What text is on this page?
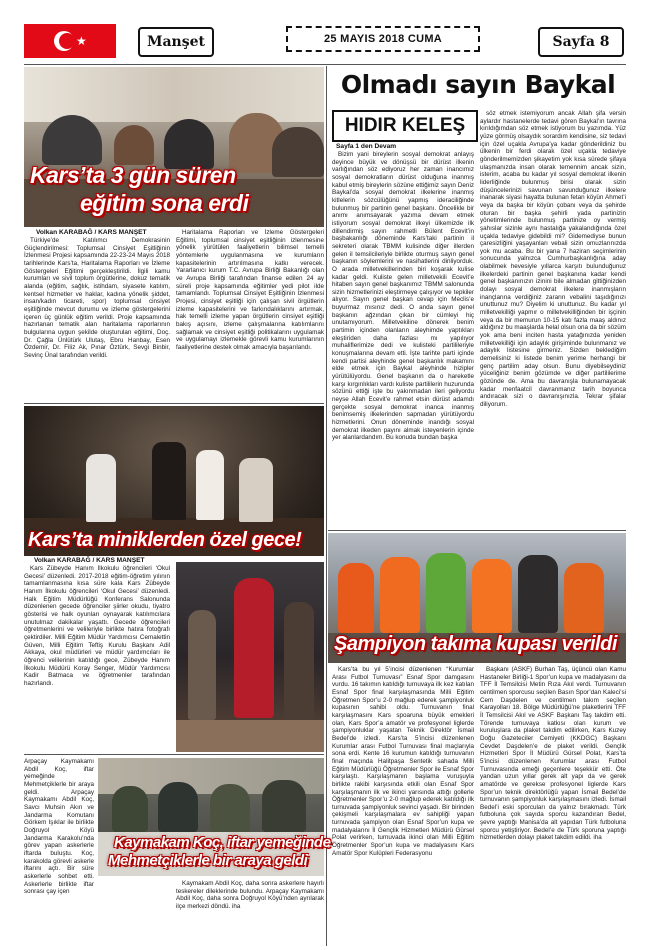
★	Manşet	25 MAYIS 2018 CUMA	Sayfa 8
Kars’ta 3 gün süren
eğitim sona erdi
Volkan KARABAĞ / KARS MANŞET

Türkiye’de Katılımcı Demokrasinin Güçlendirilmesi: Toplumsal Cinsiyet Eşitliğinin İzlenmesi Projesi kapsamında 22-23-24 Mayıs 2018 tarihlerinde Kars’ta, Haritalama Raporları ve İzleme Göstergeleri Eğitimi gerçekleştirildi. İlgili kamu kurumları ve sivil toplum örgütlerine, dokuz tematik alanda (eğitim, sağlık, istihdam, siyasete katılım, kentsel hizmetler ve haklar, kadına yönelik şiddet, insan/kadın ticareti, spor) toplumsal cinsiyet eşitliğinde mevcut durumu ve izleme göstergelerini içeren üç günlük eğitim verildi. Proje kapsamında hazırlanan tematik alan haritalama raporlarının bulgularına uygun şekilde oluşturulan eğitimi, Doç. Dr. Çağla Ünlütürk Ulutaş, Ebru Hanbay, Esen Özdemir, Dr. Filiz Ak, Pınar Öztürk, Sevgi Binbir, Sevinç Ünal tarafından verildi.

Haritalama Raporları ve İzleme Göstergeleri Eğitimi, toplumsal cinsiyet eşitliğinin izlenmesine yönelik yürütülen faaliyetlerin bilimsel temelli yöntemlerle uygulanmasına ve kurumların kapasitelerinin artırılmasına katkı verecek. Yararlanıcı kurum T.C. Avrupa Birliği Bakanlığı olan ve Avrupa Birliği tarafından finanse edilen 24 ay süreli proje kapsamında eğitimler yedi pilot ilde tamamlandı. Toplumsal Cinsiyet Eşitliğinin İzlenmesi Projesi, cinsiyet eşitliği için çalışan sivil örgütlerin izleme kapasitelerini ve farkındalıklarını artırmak, hak temelli izleme yapan örgütlerin cinsiyet eşitliği bakış açısını, izleme çalışmalarına katılımlarını sağlamak ve cinsiyet eşitliği politikalarını uygulamak ve uygulamayı izlemekle görevli kamu kurumlarının faaliyetlerine destek olmak amacıyla başarılandı.

Kars’ta miniklerden özel gece!
Volkan KARABAĞ / KARS MANŞET

Kars Zübeyde Hanım İlkokulu öğrencileri ‘Okul Gecesi’ düzenledi. 2017-2018 eğitim-öğretim yılının tamamlanmasına kısa süre kala Kars Zübeyde Hanım İlkokulu öğrencileri ‘Okul Gecesi’ düzenledi. Halk Eğitim Müdürlüğü Konferans Salonunda düzenlenen gecede öğrenciler şiirler okudu, tiyatro gösterisi ve halk oyunları oynayarak katılımcılara unutulmaz dakikalar yaşattı. Gecede öğrencileri öğretmenlerini ve velileriyle birlikte hatıra fotoğrafı çektirdiler. Milli Eğitim Müdür Yardımcısı Cemalettin Güven, Milli Eğitim Teftiş Kurulu Başkanı Adil Akkaya, okul müdürleri ve müdür yardımcıları ile öğrenci velilerinin katıldığı gece, Zübeyde Hanım İlkokulu Müdürü Koray Senger, Müdür Yardımcısı Kadir Batmaca ve öğretmenler tarafından hazırlandı.

Arpaçay Kaymakamı Abdil Koç, iftar yemeğinde Mehmetçiklerle bir araya geldi. Arpaçay Kaymakamı Abdil Koç, Savcı Muhsin Akın ve Jandarma Komutanı Görkem Işıklar ile birlikte Doğruyol Köyü Jandarma Karakolu’nda görev yapan askerlerle iftarda buluştu. Koç, karakolda görevli askerle iftarını açtı. Bir süre askerlerle sohbet etti. Askerlerle birlikte iftar sonrası çay içen

Kaymakam Koç, iftar yemeğinde
Mehmetçiklerle bir araya geldi

Kaymakam Abdil Koç, daha sonra askerlere hayırlı teskereler dileklerinde bulundu. Arpaçay Kaymakamı Abdil Koç, daha sonra Doğruyol Köyü’nden ayrılarak ilçe merkezi döndü. iha

Olmadı sayın Baykal
HIDIR KELEŞ
Sayfa 1 den Devam

Bizim yani bireylerin sosyal demokrat anlayış deyince büyük ve dönüşsü bir dürüst ilkenin varlığından söz ediyoruz her zaman inancımız sosyal demokratların dürüst olduğuna inanmış kabul etmiş bireylerin sözüne ettiğimiz sayın Deniz Baykal’da sosyal demokrat ilkelerine inanmış kitlelerin sözcülüğünü yapmış ideraciliğinde bulunmuş bir partinin genel başkanı. Öncelikle bir anımı anımsayarak yazıma devam etmek istiyorum sosyal demokrat ilkeyi ülkemizde ilk dillendirmiş sayın rahmetli Bülent Ecevit’in başbakanlığı döneminde Kars’taki partinin il sekreteri olarak TBMM kulisinde diğer illerden gelen il temsilcileriyle birlikte oturmuş sayın genel başkanın söylemlerini ve nasihatlerini dinliyorduk. O arada milletvekillerinden biri koşarak kulise kadar geldi. Kuliste gelen milletvekili Ecevit’e hitaben sayın genel başkanımız TBMM salonunda sizin hizmetlerinizi eleştirmeye çalışıyor ve tepkiler alıyor. Sayın genel başkan cevap için Meclis’e buyurmaz mısınız dedi. O anda sayın genel başkanın ağzından çıkan bir cümleyi hiç unutamıyorum. Milletvekiline dönerek benim partimin içinden olanların aleyhimde yaptıkları eleştiriden daha fazlası mı yapılıyor muhaliflerimize dedi ve kulisteki partilileriyle konuşmalarına devam etti. İşte tarihte parti içinde kendi partisi aleyhinde genel başkanlık makamını elde etmek için Baykal aleyhinde hizipler yürütülüyordu. Genel başkanın da o hareketle karşı kırgınlıkları vardı kuliste partililerin huzurunda sözünü ettiği işte bu yakınmadan ileri geliyordu neyse Allah Ecevit’e rahmet etsin dürüst adamdı gerçekte sosyal demokrat inanca inanmış benimsemiş ilkelerinden sapmadan yürütüyordu hizmetlerini. Onun döneminde inandığı sosyal demokrat ilkeden payını almak isteyenlerin içinde yer alanlardandım. Bu konuda bundan başka

söz etmek istemiyorum ancak Allah şifa versin aylardır hastanelerde tedavi gören Baykal’ın tavrına kırıldığımdan söz etmek istiyorum bu yazımda. Yüz yüze görmüş olsaydık sorardım kendisine, siz tedavi için özel uçakla Avrupa’ya kadar gönderildiniz bu ülkenin bir ferdi olarak özel uçakla tedaviye gönderilmemizden şikayetim yok kısa sürede şifaya ulaşmanızda insan olarak temennim ancak sizin, isterim, acaba bu kadar yıl sosyal demokrat ilkenin liderliğinde bulunmuş birisi olarak sizin düşüncelerinizi savunan savunduğunuz ilkelere inanarak siyasi hayatta bulunan fetan köyün Ahmet’i veya da başka bir köyün çobanı veya da şehirde oturan bir başka şehirli yada partinizin yönetimlerinde bulunmuş partinize oy vermiş şahıslar sizinle aynı hastalığa yakalandığında özel uçakla tedaviye gidebildi mi? Gidemediyse bunun çaresizliğini yaşayanları vebali sizin omuzlarınızda yok mu acaba. Bu bir yana 7 haziran seçimlerinin sonucunda yalnızca Cumhurbaşkanlığına aday olabilmek hevesiyle yıllarca karşıtı bulunduğunuz ilkelerdeki partinin genel başkanına kadar kendi genel başkanınızın izinini bile almadan gittiğinizden dolayı sosyal demokrat ilkelere inanmışların inançlarına verdiğiniz zararın vebalini taşıdığınızı unuttunuz mu? Diyelim ki unuttunuz. Bu kadar yıl milletvekilliği yapmır o milletvekilliğinden bir işçinin veya da bir memurun 10-15 katı fazla maaş aldınız aldığınız bu maaşlarda helal olsun ona da bir sözüm yok ama beni inciten hasta yatağınızda yeniden milletvekilliği için adaylık girişiminde bulunmanız ve adaylık listesine girmeniz. Sizden beklediğim demelisiniz ki listede benim yerime herhangi bir genç partilim aday olsun. Bunu diyebilseydiniz yüceliğiniz benim gözümde ve diğer partililerime gözünde de. Ama bu davranışla bulunamayacak kadar menfaatcil davranmanız tarih boyunca andıracak sizi o davranışınızla. Tekrar şifalar diliyorum.

Şampiyon takıma kupası verildi

Kars’ta bu yıl 5’incisi düzenlenen “Kurumlar Arası Futbol Turnuvası” Esnaf Spor damgasını vurdu. 16 takımın katıldığı turnuvaya ilk kez katılan Esnaf Spor final karşılaşmasında Milli Eğitim Öğretmen Spor’u 2-0 mağlup ederek şampiyonluk kupasının sahibi oldu. Turnuvanın final karşılaşmasını Kars spoaruna büyük emekleri olan, Kars Spor’a amatör ve profesyonel liglerde şampiyonluklar yaşatan Teknik Direktör İsmail Bedel’de izledi. Kars’ta 5’incisi düzenlenen Kurumlar arası Futbol Turnuvası final maçlarıyla sona erdi. Kente 16 kurumun katıldığı turnuvanın final maçında Halitpaşa Sentetik sahada Milli Eğitim Müdürlüğü Öğretmenler Spor ile Esnaf Spor karşılaştı. Karşılaşmanın başlama vuruşuyla birlikte rakibi karşısında etkili olan Esnaf Spor karşılaşmanın ilk ve ikinci yarısında attığı gollerle Öğretmenler Spor’u 2-0 mağlup ederek katıldığı ilk turnuvada şampiyonluk sevinci yaşadı. Bir birinden çekişmeli karşılaşmalara ev sahipliği yapan turnuvada şampiyon olan Esnaf Spor’un kupa ve madalyalarını İl Gençlik Hizmetleri Müdürü Gürsel Polat verirken, turnuvada ikinci olan Milli Eğitim Öğretmenler Spor’un kupa ve madalyasını Kars Amatör Spor Kulüpleri Federasyonu

Başkanı (ASKF) Burhan Taş, üçüncü olan Kamu Hastaneler Birliği-1 Spor’un kupa ve madalyasını da TFF İl Temsilcisi Metin Rıza Akıl verdi. Turnuvanın centilmen sporcusu seçilen Basın Spor’dan Kaleci’si Cem Daşdelen ve centilmen takım seçilen Karayolları 18. Bölge Müdürlüğü’ne plaketlerini TFF İl Temsilcisi Akıl ve ASKF Başkanı Taş takdim etti. Törende turnuvaya katkısı olan kurum ve kuruluşlara da plaket takdim edilirken, Kars Kuzey Doğu Gazeteciler Cemiyeti (KKDGC) Başkanı Cevdet Daşdelen’e de plaket verildi. Gençlik Hizmetleri Spor İl Müdürü Gürsel Polat, Kars’ta 5’incisi düzenlenen Kurumlar arası Futbol Turnuvasında emeği geçenlere teşekkür etti. Öte yandan uzun yıllar gerek alt yapı da ve gerek amatörde ve gerekse profesyonel liglerde Kars Spor’un teknik direktörlüğü yapan İsmail Bedel’de turnuvanın şampiyonluk karşılaşmasını izledi. İsmail Bedel’i eski sporcuları da yalnız bırakmadı. Türk futboluna çok sayıda sporcu kazandıran Bedel, şevre yaptığı Manisa’da alt yapıdan Türk futboluna sporcu yetiştiriyor. Bedel’e de Türk sporuna yaptığı hizmetlerden dolayı plaket takdim edildi. iha
